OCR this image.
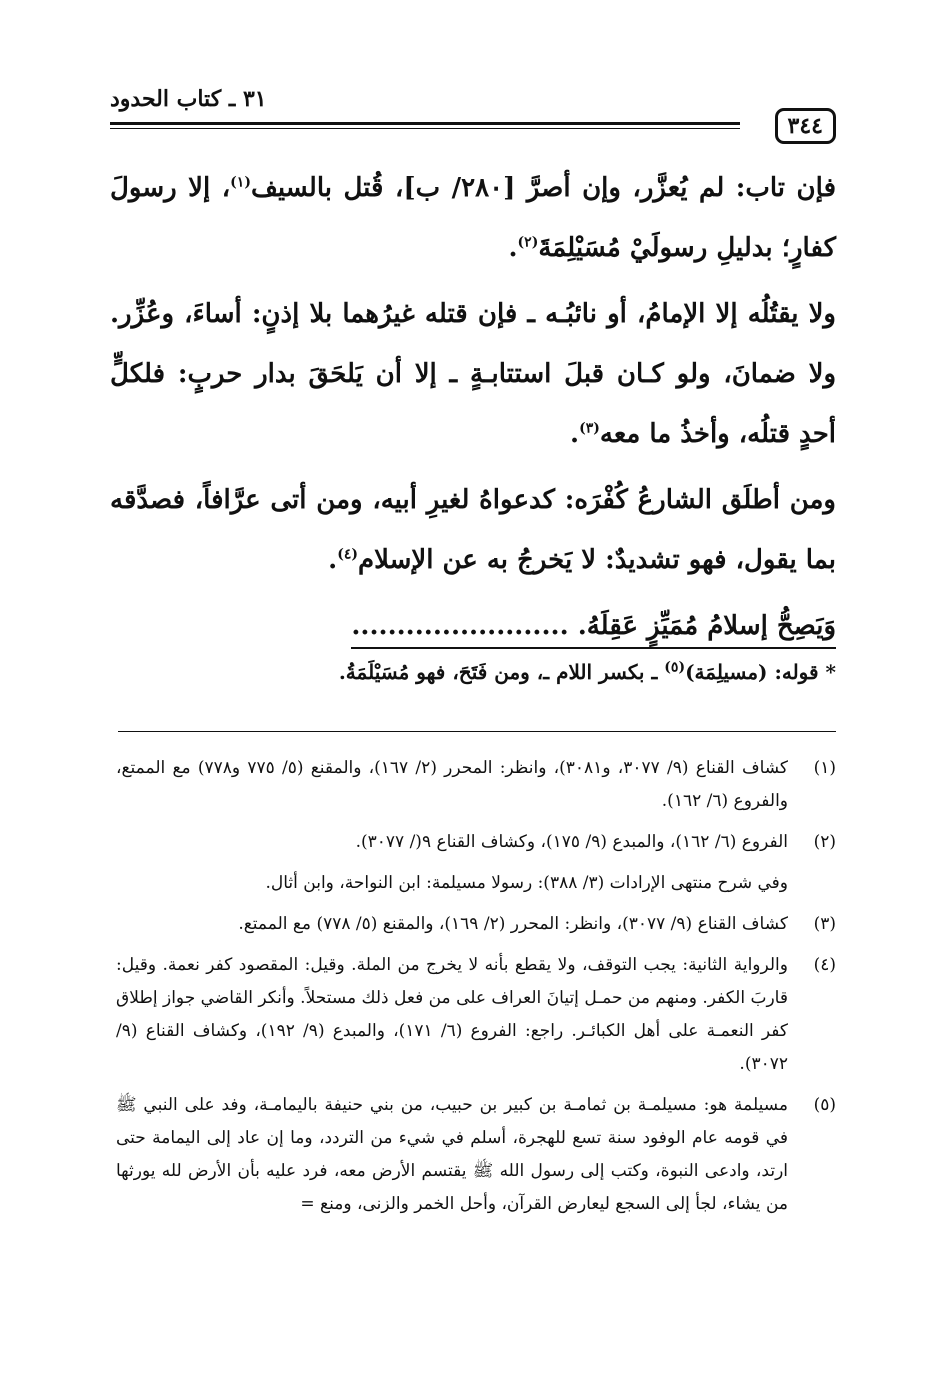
٣٤٤
٣١ ـ كتاب الحدود

فإن تاب: لم يُعزَّر، وإن أصرَّ [٢٨٠/ ب]، قُتل بالسيف$^{(١)}$، إلا رسولَ كفارٍ؛ بدليلِ رسولَيْ مُسَيْلِمَةَ$^{(٢)}$.

ولا يقتُلُه إلا الإمامُ، أو نائبُـه ـ فإن قتله غيرُهما بلا إذنٍ: أساءَ، وعُزِّر. ولا ضمانَ، ولو كـان قبلَ استتابـةٍ ـ إلا أن يَلحَقَ بدار حربٍ: فلكلٍّ أحدٍ قتلُه، وأخذُ ما معه$^{(٣)}$.

ومن أطلَق الشارعُ كُفْرَه: كدعواهُ لغيرِ أبيه، ومن أتى عرَّافاً، فصدَّقه بما يقول، فهو تشديدٌ: لا يَخرجُ به عن الإسلام$^{(٤)}$.

وَيَصِحُّ إسلامُ مُمَيِّزٍ عَقِلَهُ. ........................

* قوله: (مسيلِمَة)$^{(٥)}$ ـ بكسر اللام ـ، ومن فَتَحَ، فهو مُسَيْلَمَةُ.
(١)
كشاف القناع (٩/ ٣٠٧٧، و٣٠٨١)، وانظر: المحرر (٢/ ١٦٧)، والمقنع (٥/ ٧٧٥ و٧٧٨) مع الممتع، والفروع (٦/ ١٦٢).
(٢)
الفروع (٦/ ١٦٢)، والمبدع (٩/ ١٧٥)، وكشاف القناع ٩(/ ٣٠٧٧).
وفي شرح منتهى الإرادات (٣/ ٣٨٨): رسولا مسيلمة: ابن النواحة، وابن أثال.
(٣)
كشاف القناع (٩/ ٣٠٧٧)، وانظر: المحرر (٢/ ١٦٩)، والمقنع (٥/ ٧٧٨) مع الممتع.
(٤)
والرواية الثانية: يجب التوقف، ولا يقطع بأنه لا يخرج من الملة. وقيل: المقصود كفر نعمة. وقيل: قاربَ الكفر. ومنهم من حمـل إتيانَ العراف على من فعل ذلك مستحلاً. وأنكر القاضي جواز إطلاق كفر النعمـة على أهل الكبائـر. راجع: الفروع (٦/ ١٧١)، والمبدع (٩/ ١٩٢)، وكشاف القناع (٩/ ٣٠٧٢).
(٥)
مسيلمة هو: مسيلمـة بن ثمامـة بن كبير بن حبيب، من بني حنيفة باليمامـة، وفد على النبي ﷺ في قومه عام الوفود سنة تسع للهجرة، أسلم في شيء من التردد، وما إن عاد إلى اليمامة حتى ارتد، وادعى النبوة، وكتب إلى رسول الله ﷺ يقتسم الأرض معه، فرد عليه بأن الأرض لله يورثها من يشاء، لجأ إلى السجع ليعارض القرآن، وأحل الخمر والزنى، ومنع =
